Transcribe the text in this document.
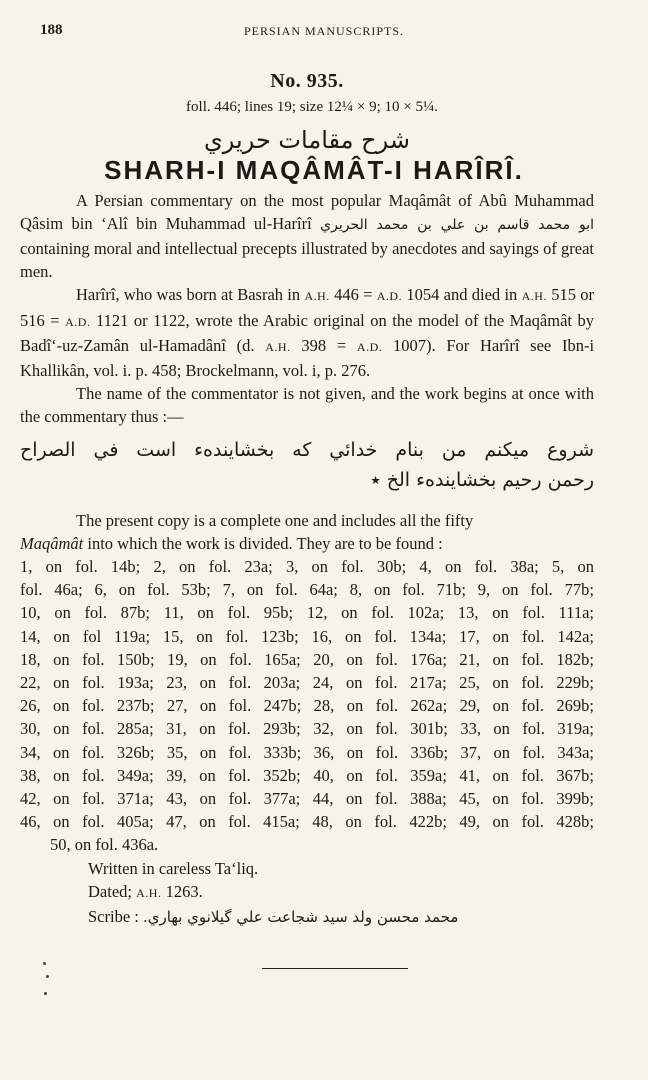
188	PERSIAN MANUSCRIPTS.
No. 935.
foll. 446; lines 19; size 12¼ × 9; 10 × 5¼.
شرح مقامات حريري
SHARH-I MAQÂMÂT-I HARÎRÎ.

A Persian commentary on the most popular Maqâmât of Abû Muhammad Qâsim bin ‘Alî bin Muhammad ul-Harîrî ابو محمد قاسم بن علي بن محمد الحريري containing moral and intellectual precepts illustrated by anecdotes and sayings of great men.

Harîrî, who was born at Basrah in A.H. 446 = A.D. 1054 and died in A.H. 515 or 516 = A.D. 1121 or 1122, wrote the Arabic original on the model of the Maqâmât by Badî‘-uz-Zamân ul-Hamadânî (d. A.H. 398 = A.D. 1007). For Harîrî see Ibn-i Khallikân, vol. i. p. 458; Brockelmann, vol. i, p. 276.

The name of the commentator is not given, and the work begins at once with the commentary thus :—

شروع ميكنم من بنام خدائي كه بخشايندهء است في الصراح
رحمن رحيم بخشايندهء الخ ٭

The present copy is a complete one and includes all the fifty

Maqâmât into which the work is divided. They are to be found :

1, on fol. 14b; 2, on fol. 23a; 3, on fol. 30b; 4, on fol. 38a; 5, on
fol. 46a; 6, on fol. 53b; 7, on fol. 64a; 8, on fol. 71b; 9, on fol. 77b;
10, on fol. 87b; 11, on fol. 95b; 12, on fol. 102a; 13, on fol. 111a;
14, on fol 119a; 15, on fol. 123b; 16, on fol. 134a; 17, on fol. 142a;
18, on fol. 150b; 19, on fol. 165a; 20, on fol. 176a; 21, on fol. 182b;
22, on fol. 193a; 23, on fol. 203a; 24, on fol. 217a; 25, on fol. 229b;
26, on fol. 237b; 27, on fol. 247b; 28, on fol. 262a; 29, on fol. 269b;
30, on fol. 285a; 31, on fol. 293b; 32, on fol. 301b; 33, on fol. 319a;
34, on fol. 326b; 35, on fol. 333b; 36, on fol. 336b; 37, on fol. 343a;
38, on fol. 349a; 39, on fol. 352b; 40, on fol. 359a; 41, on fol. 367b;
42, on fol. 371a; 43, on fol. 377a; 44, on fol. 388a; 45, on fol. 399b;
46, on fol. 405a; 47, on fol. 415a; 48, on fol. 422b; 49, on fol. 428b;
50, on fol. 436a.
Written in careless Ta‘liq.
Dated; A.H. 1263.
Scribe : محمد محسن ولد سيد شجاعت علي گيلانوي بهاري.
